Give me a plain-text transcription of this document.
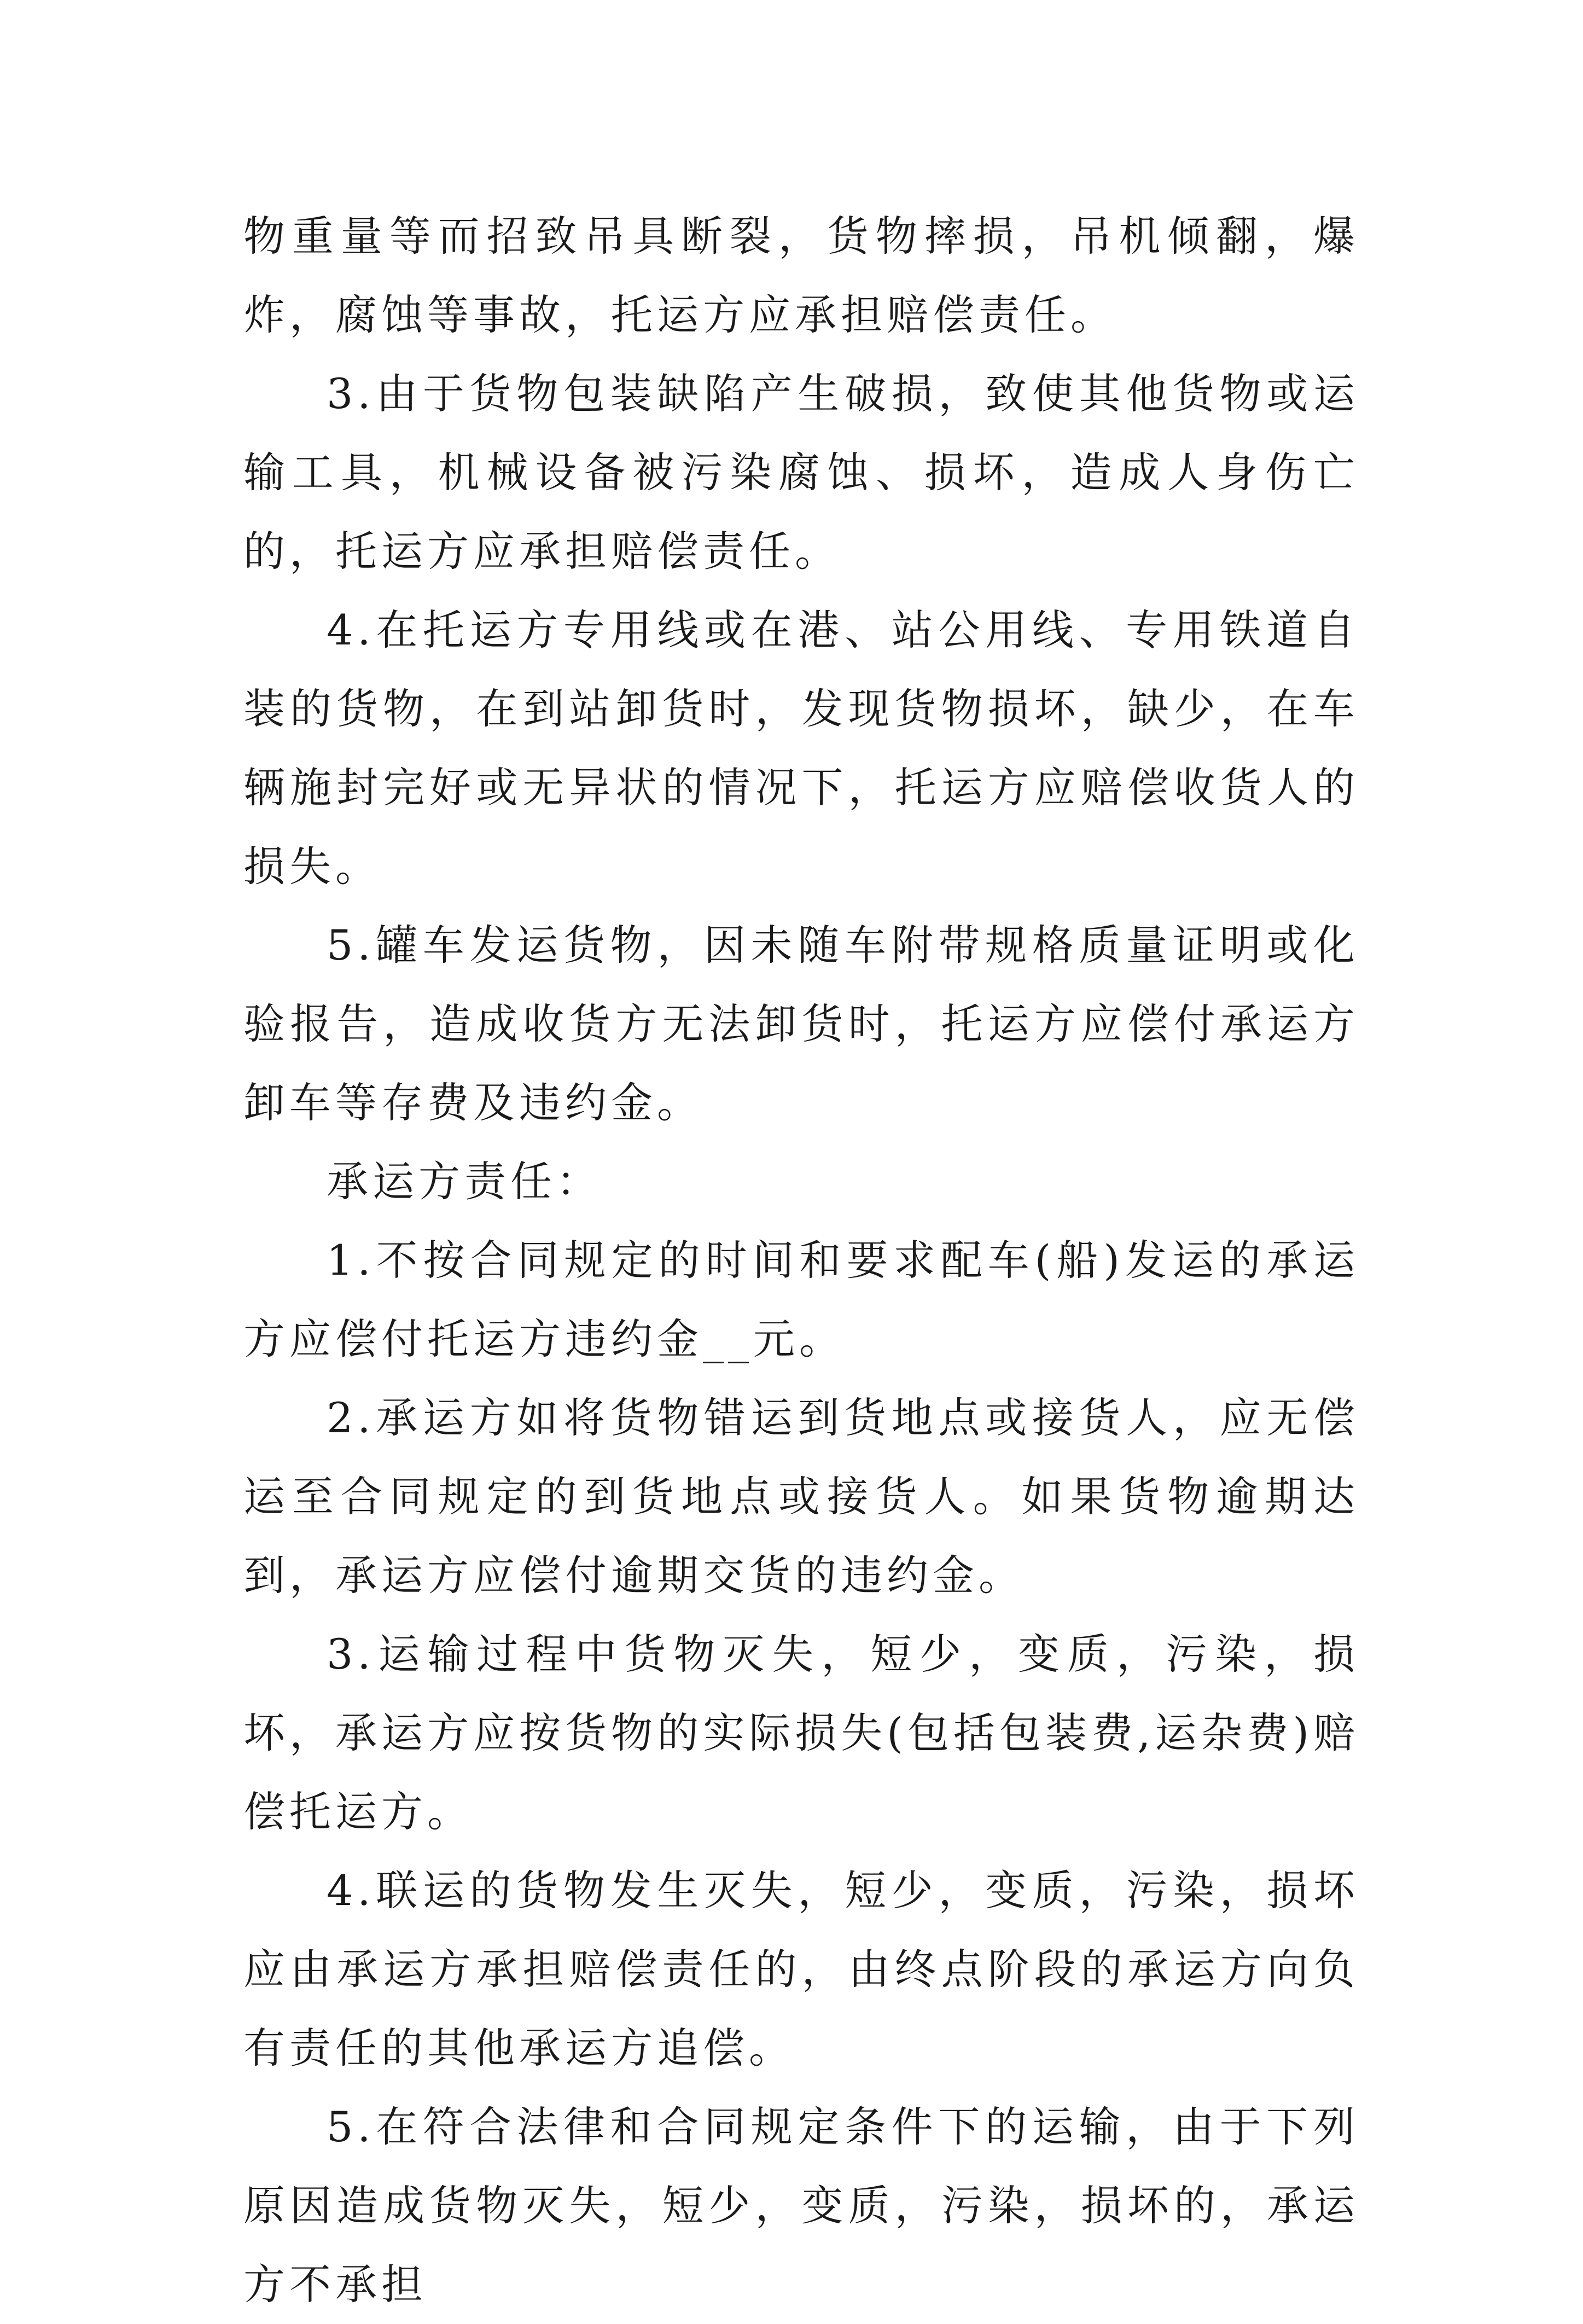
物重量等而招致吊具断裂，货物摔损，吊机倾翻，爆炸，腐蚀等事故，托运方应承担赔偿责任。

3.由于货物包装缺陷产生破损，致使其他货物或运输工具，机械设备被污染腐蚀、损坏，造成人身伤亡的，托运方应承担赔偿责任。

4.在托运方专用线或在港、站公用线、专用铁道自装的货物，在到站卸货时，发现货物损坏，缺少，在车辆施封完好或无异状的情况下，托运方应赔偿收货人的损失。

5.罐车发运货物，因未随车附带规格质量证明或化验报告，造成收货方无法卸货时，托运方应偿付承运方卸车等存费及违约金。

承运方责任：

1.不按合同规定的时间和要求配车(船)发运的承运方应偿付托运方违约金__元。

2.承运方如将货物错运到货地点或接货人，应无偿运至合同规定的到货地点或接货人。如果货物逾期达到，承运方应偿付逾期交货的违约金。

3.运输过程中货物灭失，短少，变质，污染，损坏，承运方应按货物的实际损失(包括包装费,运杂费)赔偿托运方。

4.联运的货物发生灭失，短少，变质，污染，损坏应由承运方承担赔偿责任的，由终点阶段的承运方向负有责任的其他承运方追偿。

5.在符合法律和合同规定条件下的运输，由于下列原因造成货物灭失，短少，变质，污染，损坏的，承运方不承担
